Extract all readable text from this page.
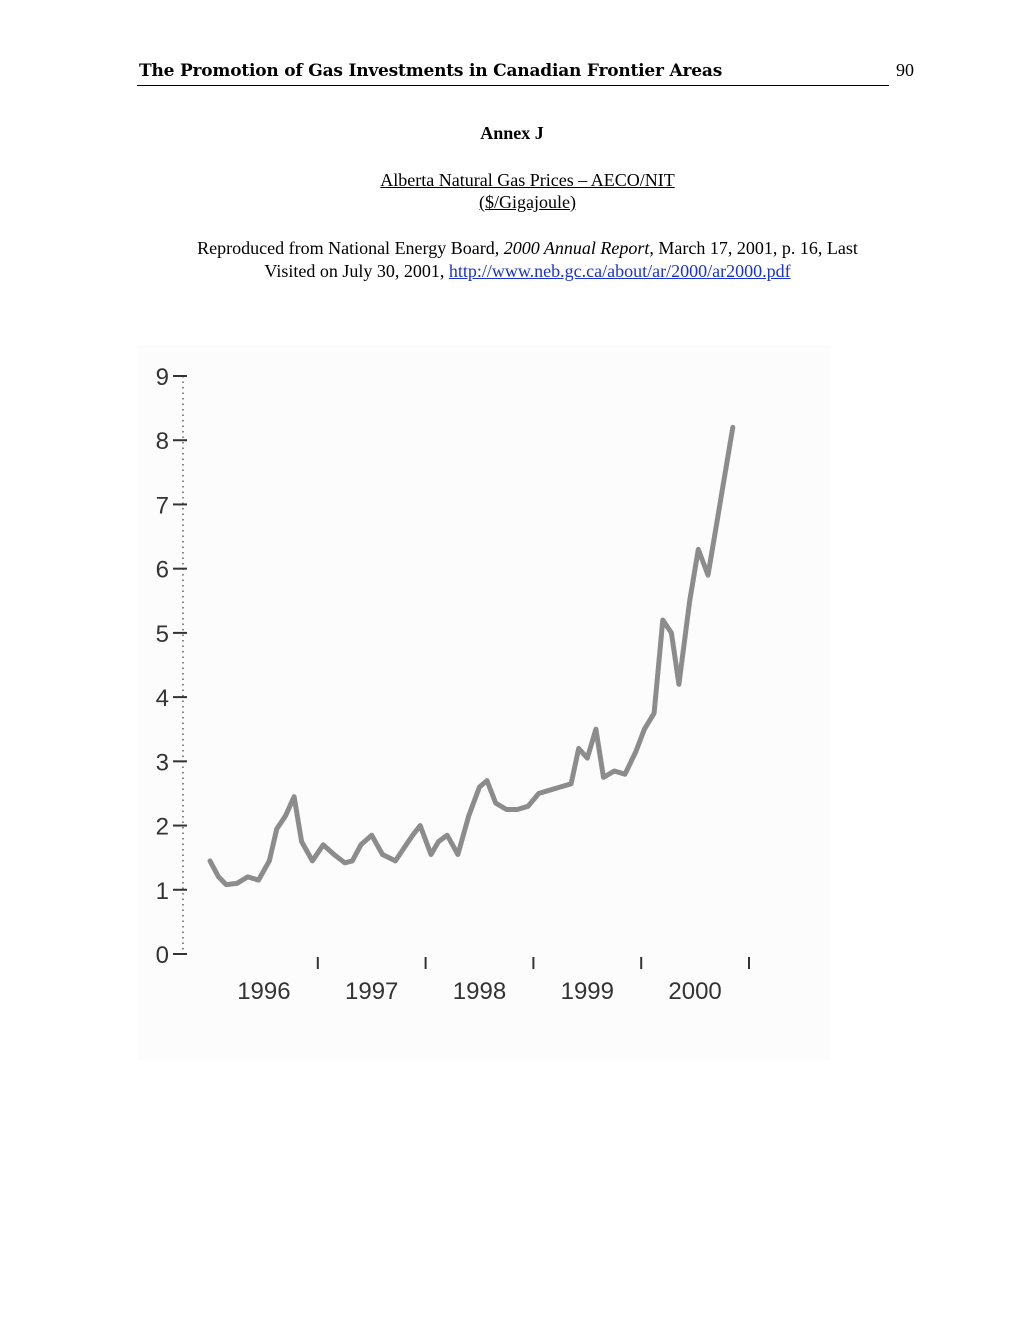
The Promotion of Gas Investments in Canadian Frontier Areas	90
Annex J
Alberta Natural Gas Prices – AECO/NIT
($/Gigajoule)
Reproduced from National Energy Board, 2000 Annual Report, March 17, 2001, p. 16, Last
Visited on July 30, 2001, http://www.neb.gc.ca/about/ar/2000/ar2000.pdf
0
1
2
3
4
5
6
7
8
9
1996 1997 1998 1999 2000
